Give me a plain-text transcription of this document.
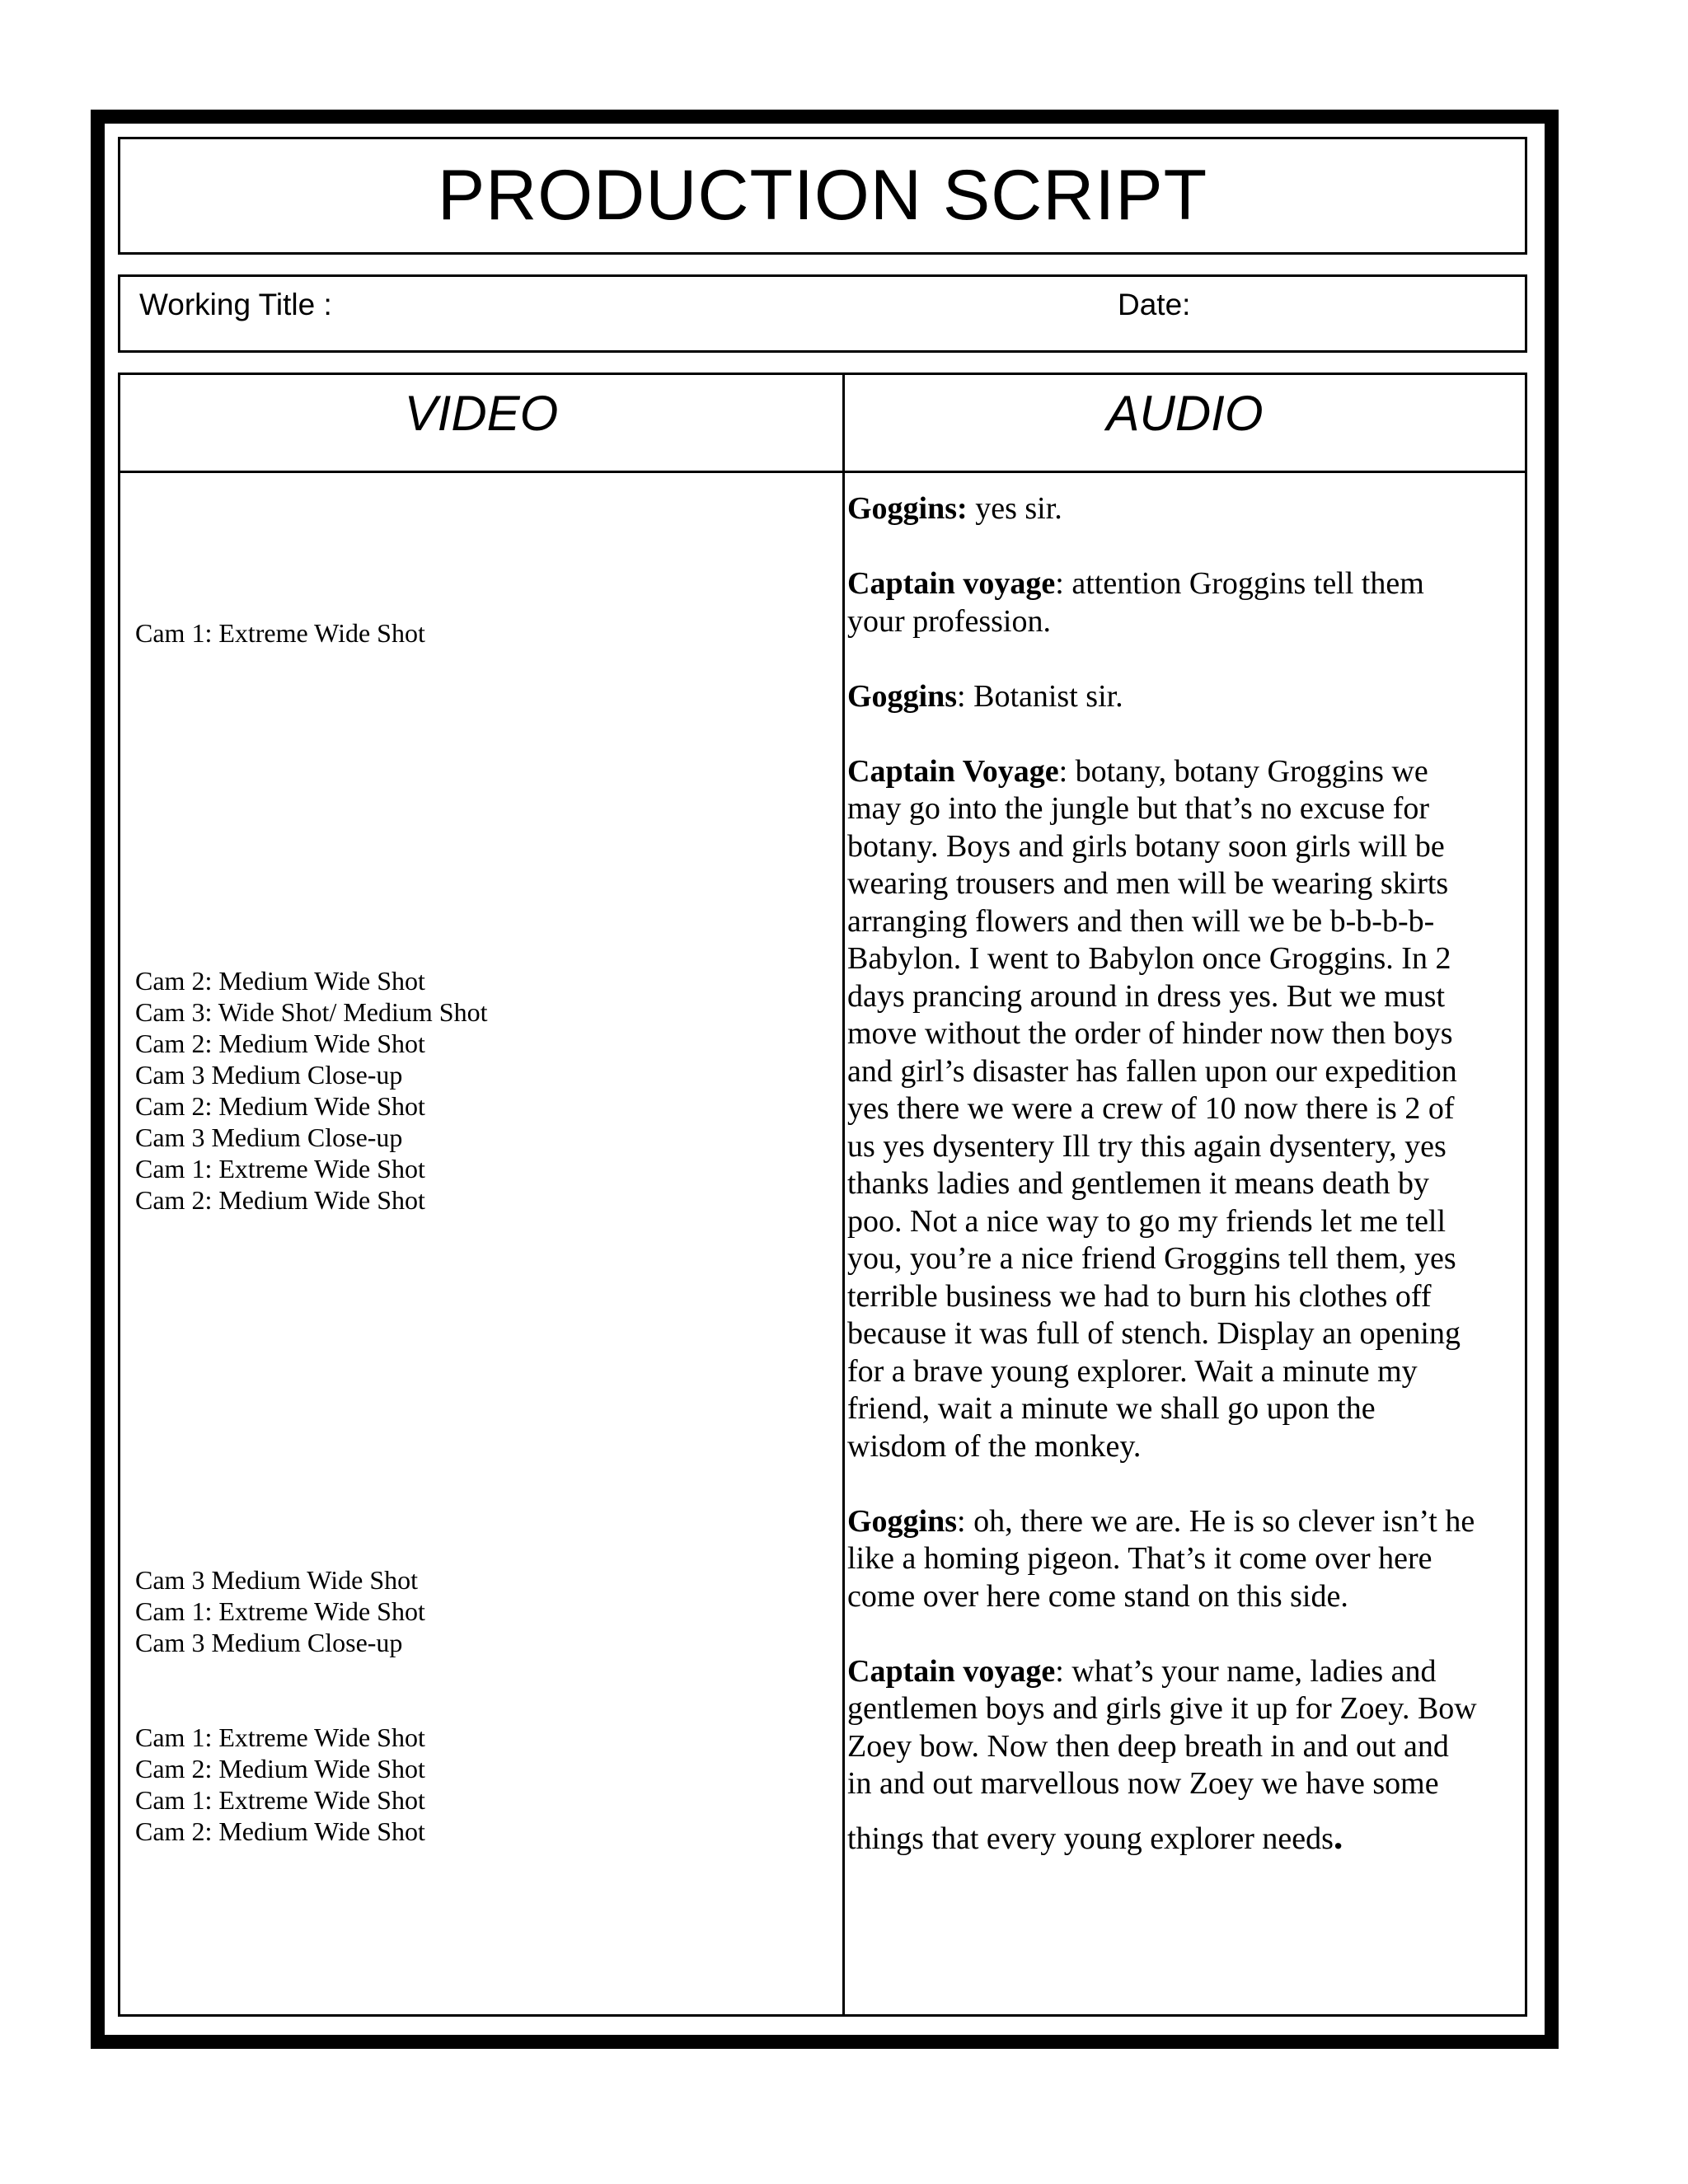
PRODUCTION SCRIPT
Working Title :	Date:
VIDEO	AUDIO
Cam 1: Extreme Wide Shot
Cam 2: Medium Wide Shot
Cam 3: Wide Shot/ Medium Shot
Cam 2: Medium Wide Shot
Cam 3 Medium Close-up
Cam 2: Medium Wide Shot
Cam 3 Medium Close-up
Cam 1: Extreme Wide Shot
Cam 2: Medium Wide Shot
Cam 3 Medium Wide Shot
Cam 1: Extreme Wide Shot
Cam 3 Medium Close-up
Cam 1: Extreme Wide Shot
Cam 2: Medium Wide Shot
Cam 1: Extreme Wide Shot
Cam 2: Medium Wide Shot
Goggins: yes sir.
Captain voyage: attention Groggins tell them
your profession.
Goggins: Botanist sir.
Captain Voyage: botany, botany Groggins we
may go into the jungle but that’s no excuse for
botany. Boys and girls botany soon girls will be
wearing trousers and men will be wearing skirts
arranging flowers and then will we be b-b-b-b-
Babylon. I went to Babylon once Groggins. In 2
days prancing around in dress yes. But we must
move without the order of hinder now then boys
and girl’s disaster has fallen upon our expedition
yes there we were a crew of 10 now there is 2 of
us yes dysentery Ill try this again dysentery, yes
thanks ladies and gentlemen it means death by
poo. Not a nice way to go my friends let me tell
you, you’re a nice friend Groggins tell them, yes
terrible business we had to burn his clothes off
because it was full of stench. Display an opening
for a brave young explorer. Wait a minute my
friend, wait a minute we shall go upon the
wisdom of the monkey.
Goggins: oh, there we are. He is so clever isn’t he
like a homing pigeon. That’s it come over here
come over here come stand on this side.
Captain voyage: what’s your name, ladies and
gentlemen boys and girls give it up for Zoey. Bow
Zoey bow. Now then deep breath in and out and
in and out marvellous now Zoey we have some
things that every young explorer needs.
